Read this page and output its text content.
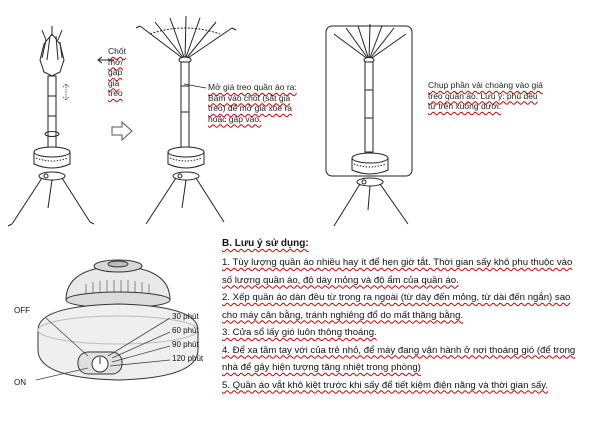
Chốt
mở/
gập
giá
treo
Mở giá treo quần áo ra:
Bấm vào chốt (sắt giá
treo) để mở giá xòe ra
hoặc gập vào.
Chụp phần vải choàng vào giá
treo quần áo. Lưu ý: phủ đều
từ trên xuống dưới.
OFF
ON
30 phút
60 phút
90 phút
120 phút
B. Lưu ý sử dụng:
1. Tùy lượng quần áo nhiều hay ít để hẹn giờ tắt. Thời gian sấy khô phụ thuộc vào
số lượng quần áo, độ dày mỏng và độ ẩm của quần áo.
2. Xếp quần áo dàn đều từ trong ra ngoài (từ dày đến mỏng, từ dài đến ngắn) sao
cho máy cân bằng, tránh nghiêng đổ do mất thăng bằng.
3. Cửa sổ lấy gió luôn thông thoáng.
4. Để xa tầm tay với của trẻ nhỏ, để máy đang vận hành ở nơi thoáng gió (để trong
nhà để gây hiện tượng tăng nhiệt trong phòng)
5. Quần áo vắt khô kiệt trước khi sấy để tiết kiệm điện năng và thời gian sấy.
